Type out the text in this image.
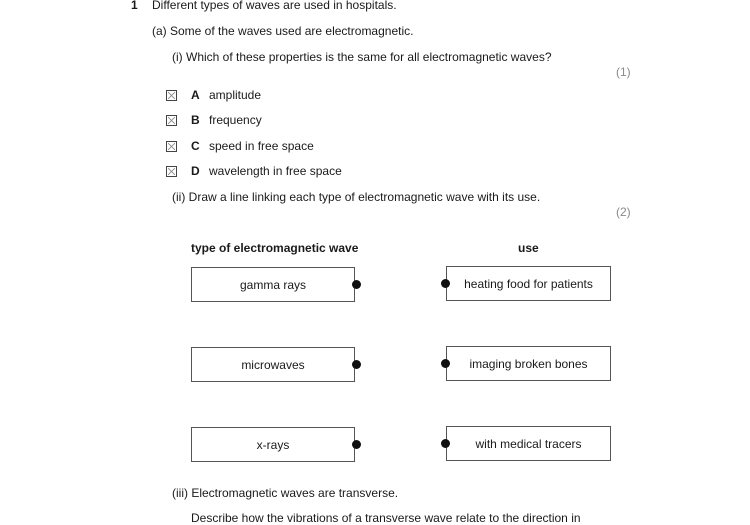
1 Different types of waves are used in hospitals.
(a) Some of the waves used are electromagnetic.
(i) Which of these properties is the same for all electromagnetic waves?
(1)
A amplitude
B frequency
C speed in free space
D wavelength in free space
(ii) Draw a line linking each type of electromagnetic wave with its use.
(2)
type of electromagnetic wave	use
gamma rays
microwaves
x-rays
heating food for patients
imaging broken bones
with medical tracers
(iii) Electromagnetic waves are transverse.
Describe how the vibrations of a transverse wave relate to the direction in
